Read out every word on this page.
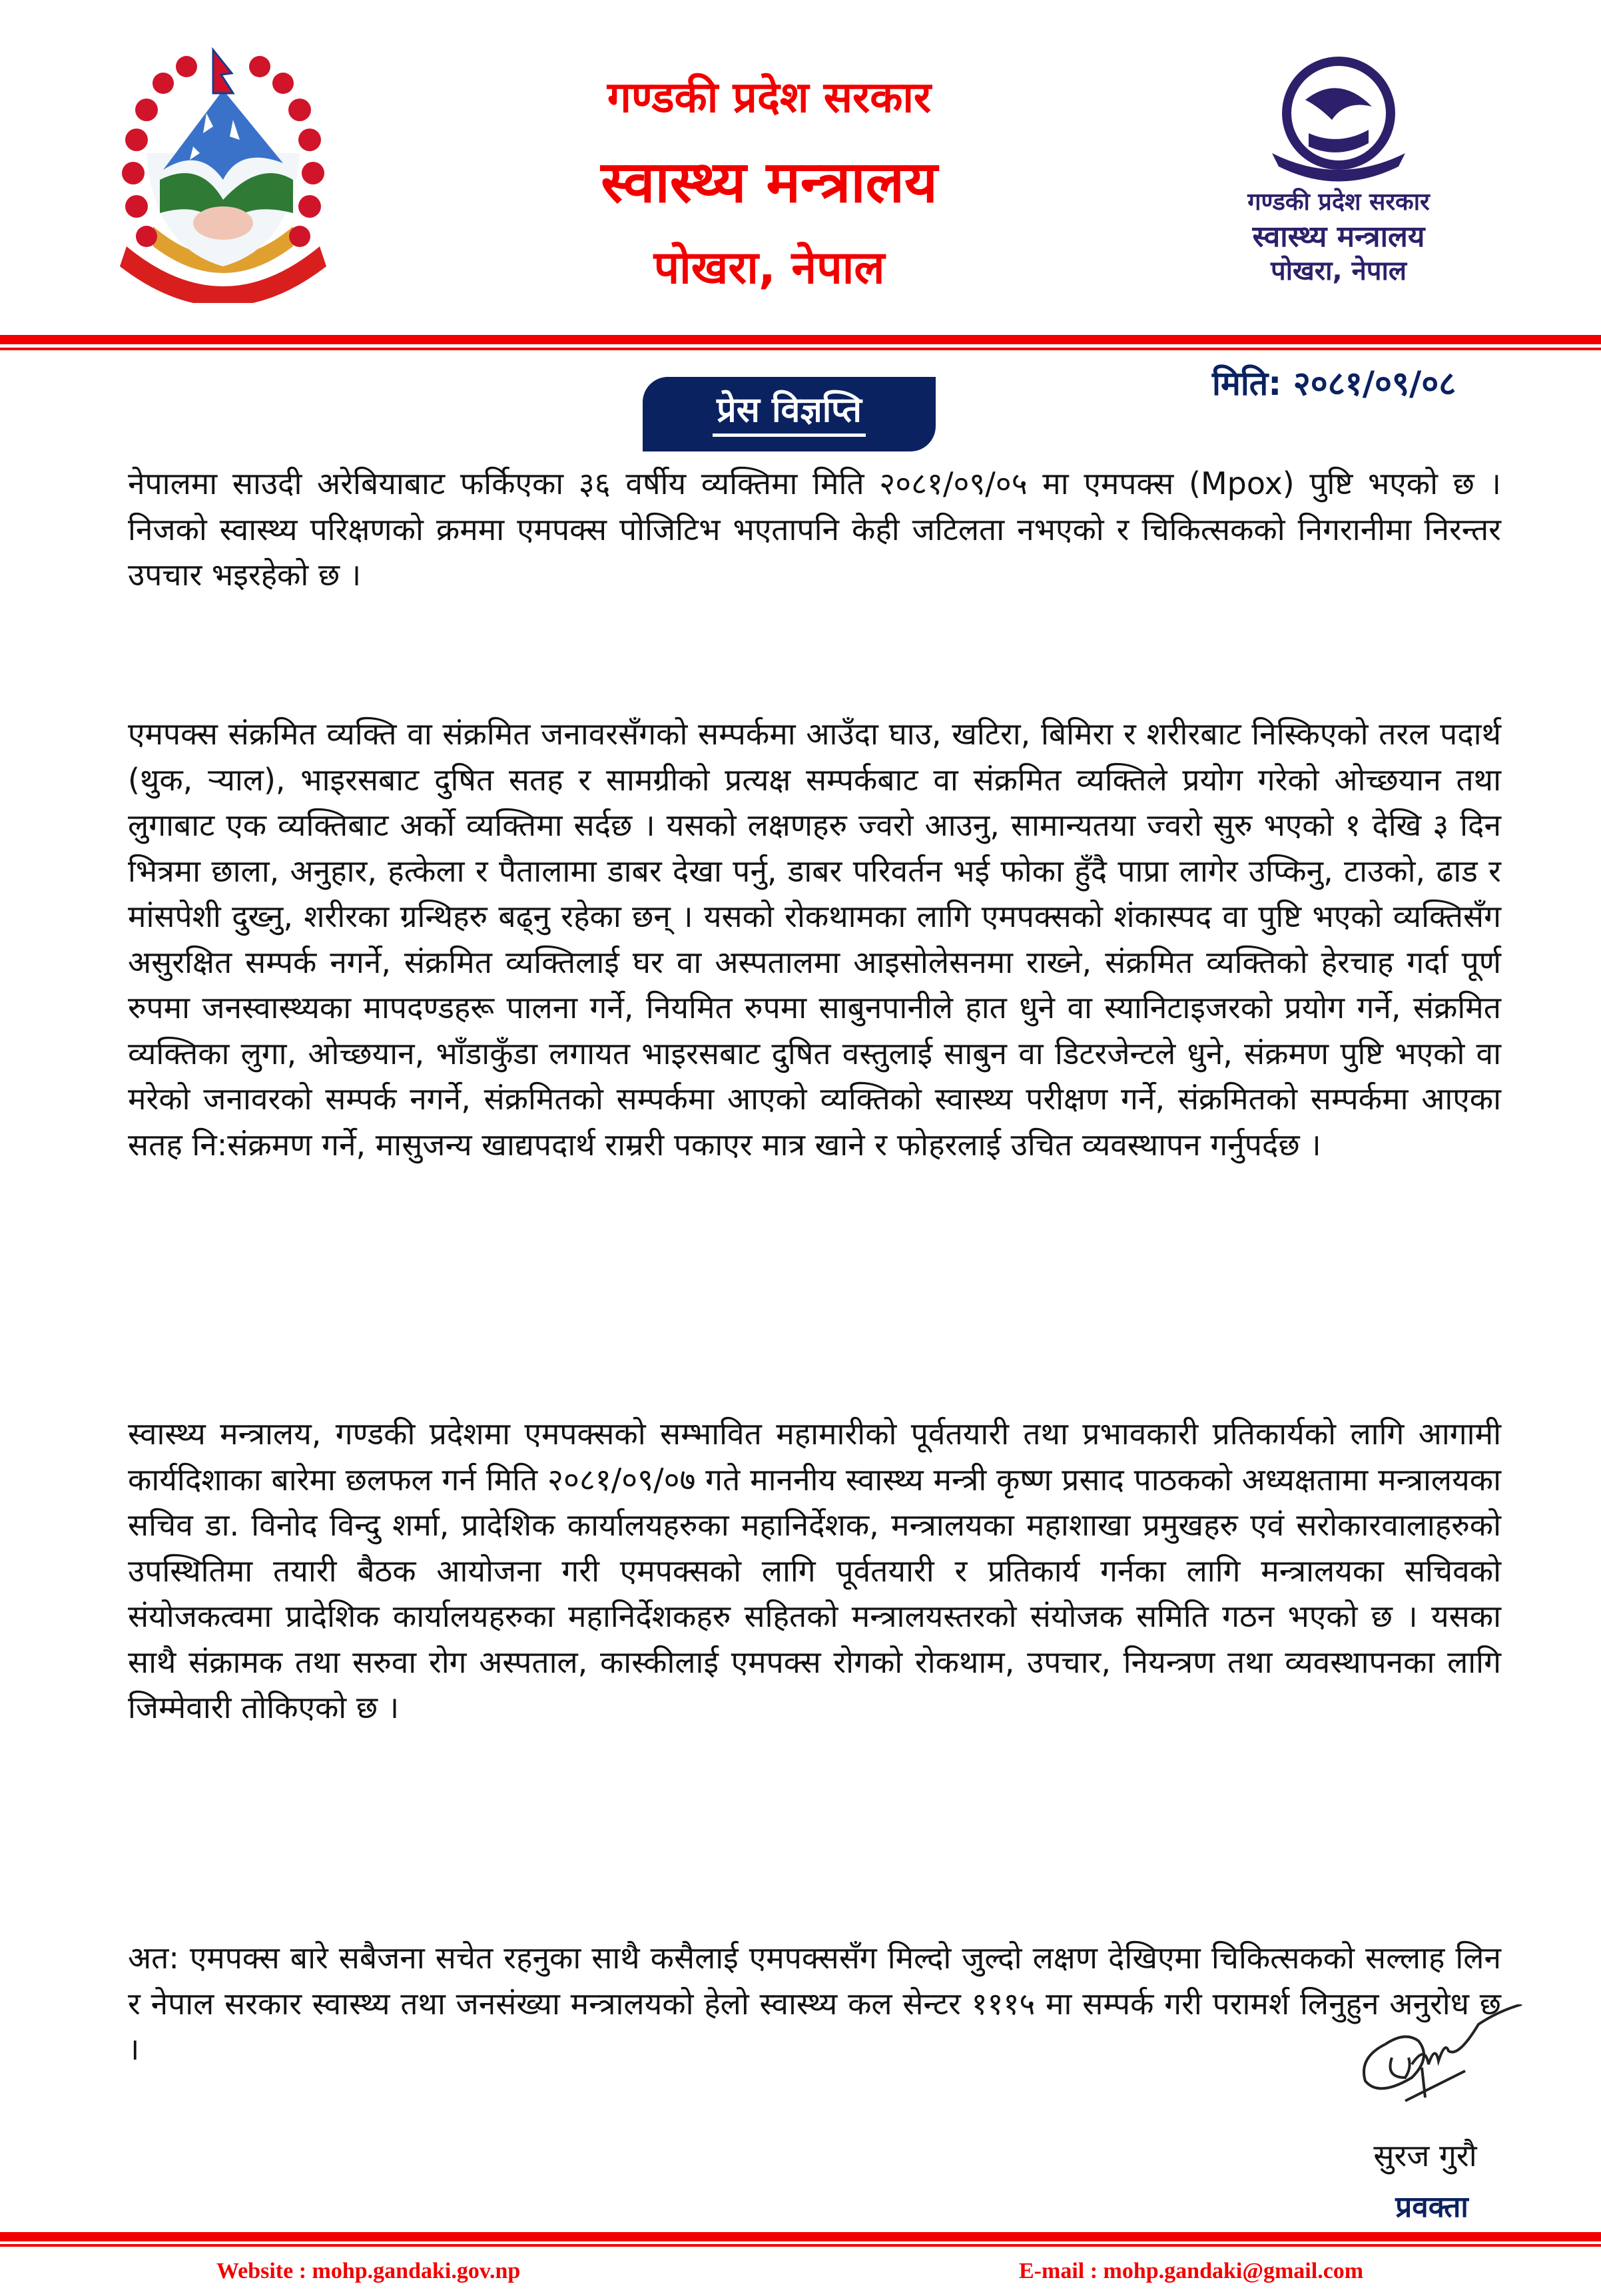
गण्डकी प्रदेश सरकार
स्वास्थ्य मन्त्रालय
पोखरा, नेपाल
गण्डकी प्रदेश सरकार
स्वास्थ्य मन्त्रालय
पोखरा, नेपाल
मिति: २०८१/०९/०८
प्रेस विज्ञप्ति

नेपालमा साउदी अरेबियाबाट फर्किएका ३६ वर्षीय व्यक्तिमा मिति २०८१/०९/०५ मा एमपक्स (Mpox) पुष्टि भएको छ । निजको स्वास्थ्य परिक्षणको क्रममा एमपक्स पोजिटिभ भएतापनि केही जटिलता नभएको र चिकित्सकको निगरानीमा निरन्तर उपचार भइरहेको छ ।

एमपक्स संक्रमित व्यक्ति वा संक्रमित जनावरसँगको सम्पर्कमा आउँदा घाउ, खटिरा, बिमिरा र शरीरबाट निस्किएको तरल पदार्थ (थुक, र्‍याल), भाइरसबाट दुषित सतह र सामग्रीको प्रत्यक्ष सम्पर्कबाट वा संक्रमित व्यक्तिले प्रयोग गरेको ओच्छयान तथा लुगाबाट एक व्यक्तिबाट अर्को व्यक्तिमा सर्दछ । यसको लक्षणहरु ज्वरो आउनु, सामान्यतया ज्वरो सुरु भएको १ देखि ३ दिन भित्रमा छाला, अनुहार, हत्केला र पैतालामा डाबर देखा पर्नु, डाबर परिवर्तन भई फोका हुँदै पाप्रा लागेर उप्किनु, टाउको, ढाड र मांसपेशी दुख्नु, शरीरका ग्रन्थिहरु बढ्नु रहेका छन् । यसको रोकथामका लागि एमपक्सको शंकास्पद वा पुष्टि भएको व्यक्तिसँग असुरक्षित सम्पर्क नगर्ने, संक्रमित व्यक्तिलाई घर वा अस्पतालमा आइसोलेसनमा राख्ने, संक्रमित व्यक्तिको हेरचाह गर्दा पूर्ण रुपमा जनस्वास्थ्यका मापदण्डहरू पालना गर्ने, नियमित रुपमा साबुनपानीले हात धुने वा स्यानिटाइजरको प्रयोग गर्ने, संक्रमित व्यक्तिका लुगा, ओच्छयान, भाँडाकुँडा लगायत भाइरसबाट दुषित वस्तुलाई साबुन वा डिटरजेन्टले धुने, संक्रमण पुष्टि भएको वा मरेको जनावरको सम्पर्क नगर्ने, संक्रमितको सम्पर्कमा आएको व्यक्तिको स्वास्थ्य परीक्षण गर्ने, संक्रमितको सम्पर्कमा आएका सतह नि:संक्रमण गर्ने, मासुजन्य खाद्यपदार्थ राम्ररी पकाएर मात्र खाने र फोहरलाई उचित व्यवस्थापन गर्नुपर्दछ ।

स्वास्थ्य मन्त्रालय, गण्डकी प्रदेशमा एमपक्सको सम्भावित महामारीको पूर्वतयारी तथा प्रभावकारी प्रतिकार्यको लागि आगामी कार्यदिशाका बारेमा छलफल गर्न मिति २०८१/०९/०७ गते माननीय स्वास्थ्य मन्त्री कृष्ण प्रसाद पाठकको अध्यक्षतामा मन्त्रालयका सचिव डा. विनोद विन्दु शर्मा, प्रादेशिक कार्यालयहरुका महानिर्देशक, मन्त्रालयका महाशाखा प्रमुखहरु एवं सरोकारवालाहरुको उपस्थितिमा तयारी बैठक आयोजना गरी एमपक्सको लागि पूर्वतयारी र प्रतिकार्य गर्नका लागि मन्त्रालयका सचिवको संयोजकत्वमा प्रादेशिक कार्यालयहरुका महानिर्देशकहरु सहितको मन्त्रालयस्तरको संयोजक समिति गठन भएको छ । यसका साथै संक्रामक तथा सरुवा रोग अस्पताल, कास्कीलाई एमपक्स रोगको रोकथाम, उपचार, नियन्त्रण तथा व्यवस्थापनका लागि जिम्मेवारी तोकिएको छ ।

अत: एमपक्स बारे सबैजना सचेत रहनुका साथै कसैलाई एमपक्ससँग मिल्दो जुल्दो लक्षण देखिएमा चिकित्सकको सल्लाह लिन र नेपाल सरकार स्वास्थ्य तथा जनसंख्या मन्त्रालयको हेलो स्वास्थ्य कल सेन्टर १११५ मा सम्पर्क गरी परामर्श लिनुहुन अनुरोध छ ।

सुरज गुरौ
प्रवक्ता
Website : mohp.gandaki.gov.np	E-mail : mohp.gandaki@gmail.com
